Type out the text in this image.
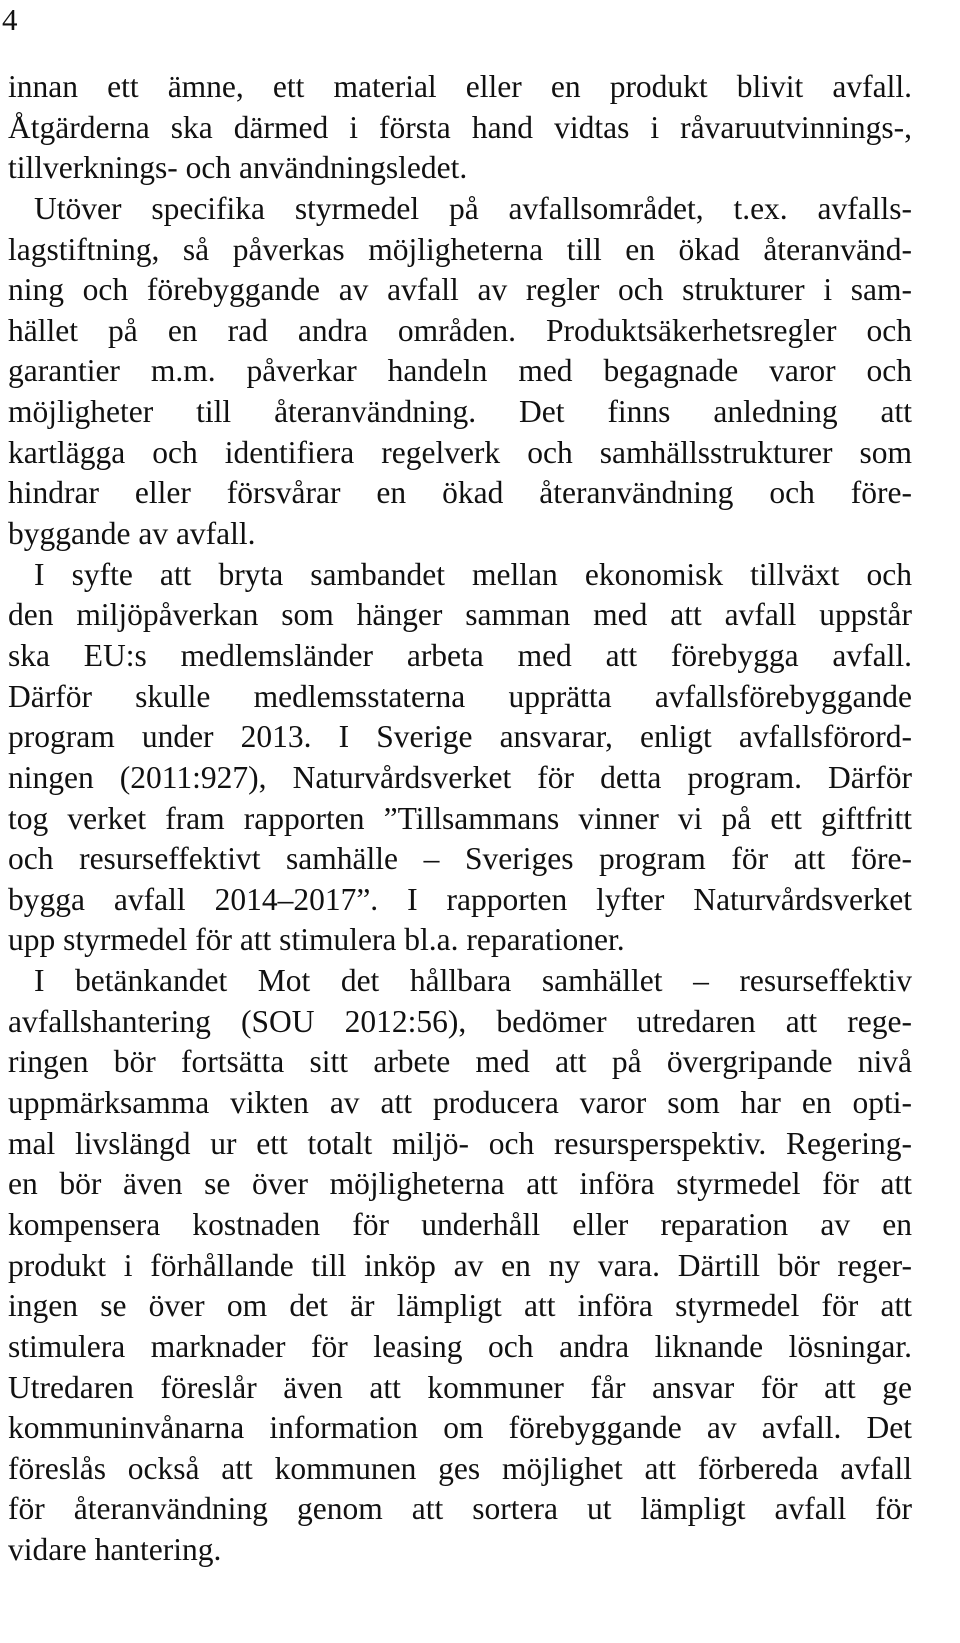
4
innan ett ämne, ett material eller en produkt blivit avfall.
Åtgärderna ska därmed i första hand vidtas i råvaruutvinnings-,
tillverknings- och användningsledet.
Utöver specifika styrmedel på avfallsområdet, t.ex. avfalls-
lagstiftning, så påverkas möjligheterna till en ökad återanvänd-
ning och förebyggande av avfall av regler och strukturer i sam-
hället på en rad andra områden. Produktsäkerhetsregler och
garantier m.m. påverkar handeln med begagnade varor och
möjligheter till återanvändning. Det finns anledning att
kartlägga och identifiera regelverk och samhällsstrukturer som
hindrar eller försvårar en ökad återanvändning och före-
byggande av avfall.
I syfte att bryta sambandet mellan ekonomisk tillväxt och
den miljöpåverkan som hänger samman med att avfall uppstår
ska EU:s medlemsländer arbeta med att förebygga avfall.
Därför skulle medlemsstaterna upprätta avfallsförebyggande
program under 2013. I Sverige ansvarar, enligt avfallsförord-
ningen (2011:927), Naturvårdsverket för detta program. Därför
tog verket fram rapporten ”Tillsammans vinner vi på ett giftfritt
och resurseffektivt samhälle – Sveriges program för att före-
bygga avfall 2014–2017”. I rapporten lyfter Naturvårdsverket
upp styrmedel för att stimulera bl.a. reparationer.
I betänkandet Mot det hållbara samhället – resurseffektiv
avfallshantering (SOU 2012:56), bedömer utredaren att rege-
ringen bör fortsätta sitt arbete med att på övergripande nivå
uppmärksamma vikten av att producera varor som har en opti-
mal livslängd ur ett totalt miljö- och resursperspektiv. Regering-
en bör även se över möjligheterna att införa styrmedel för att
kompensera kostnaden för underhåll eller reparation av en
produkt i förhållande till inköp av en ny vara. Därtill bör reger-
ingen se över om det är lämpligt att införa styrmedel för att
stimulera marknader för leasing och andra liknande lösningar.
Utredaren föreslår även att kommuner får ansvar för att ge
kommuninvånarna information om förebyggande av avfall. Det
föreslås också att kommunen ges möjlighet att förbereda avfall
för återanvändning genom att sortera ut lämpligt avfall för
vidare hantering.
